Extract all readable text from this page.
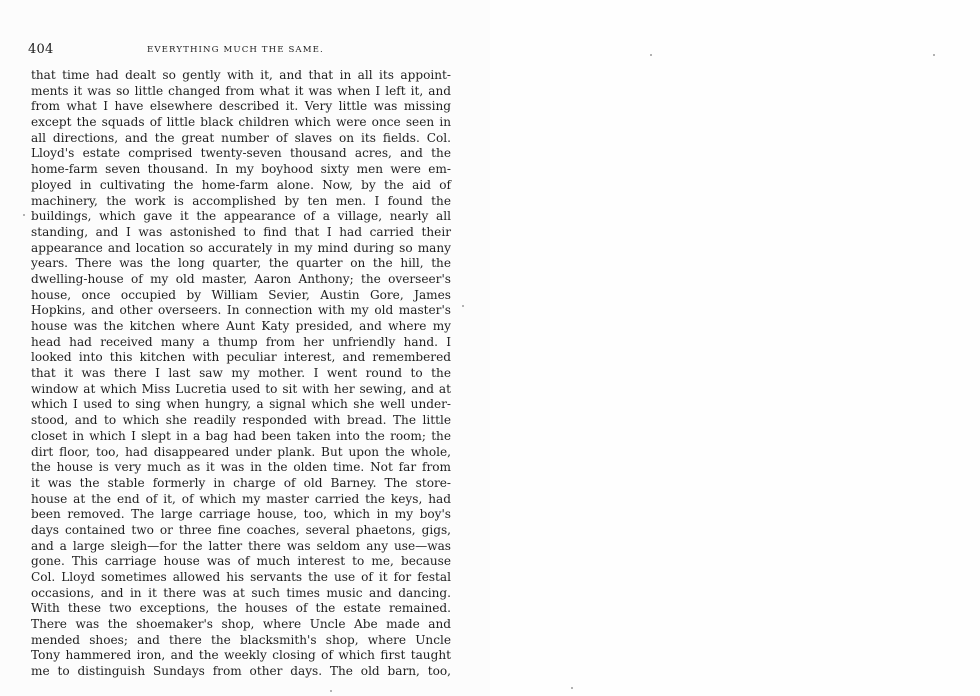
404	EVERYTHING MUCH THE SAME.
that time had dealt so gently with it, and that in all its appoint-
ments it was so little changed from what it was when I left it, and
from what I have elsewhere described it. Very little was missing
except the squads of little black children which were once seen in
all directions, and the great number of slaves on its fields. Col.
Lloyd's estate comprised twenty-seven thousand acres, and the
home-farm seven thousand. In my boyhood sixty men were em-
ployed in cultivating the home-farm alone. Now, by the aid of
machinery, the work is accomplished by ten men. I found the
buildings, which gave it the appearance of a village, nearly all
standing, and I was astonished to find that I had carried their
appearance and location so accurately in my mind during so many
years. There was the long quarter, the quarter on the hill, the
dwelling-house of my old master, Aaron Anthony; the overseer's
house, once occupied by William Sevier, Austin Gore, James
Hopkins, and other overseers. In connection with my old master's
house was the kitchen where Aunt Katy presided, and where my
head had received many a thump from her unfriendly hand. I
looked into this kitchen with peculiar interest, and remembered
that it was there I last saw my mother. I went round to the
window at which Miss Lucretia used to sit with her sewing, and at
which I used to sing when hungry, a signal which she well under-
stood, and to which she readily responded with bread. The little
closet in which I slept in a bag had been taken into the room; the
dirt floor, too, had disappeared under plank. But upon the whole,
the house is very much as it was in the olden time. Not far from
it was the stable formerly in charge of old Barney. The store-
house at the end of it, of which my master carried the keys, had
been removed. The large carriage house, too, which in my boy's
days contained two or three fine coaches, several phaetons, gigs,
and a large sleigh—for the latter there was seldom any use—was
gone. This carriage house was of much interest to me, because
Col. Lloyd sometimes allowed his servants the use of it for festal
occasions, and in it there was at such times music and dancing.
With these two exceptions, the houses of the estate remained.
There was the shoemaker's shop, where Uncle Abe made and
mended shoes; and there the blacksmith's shop, where Uncle
Tony hammered iron, and the weekly closing of which first taught
me to distinguish Sundays from other days. The old barn, too,
